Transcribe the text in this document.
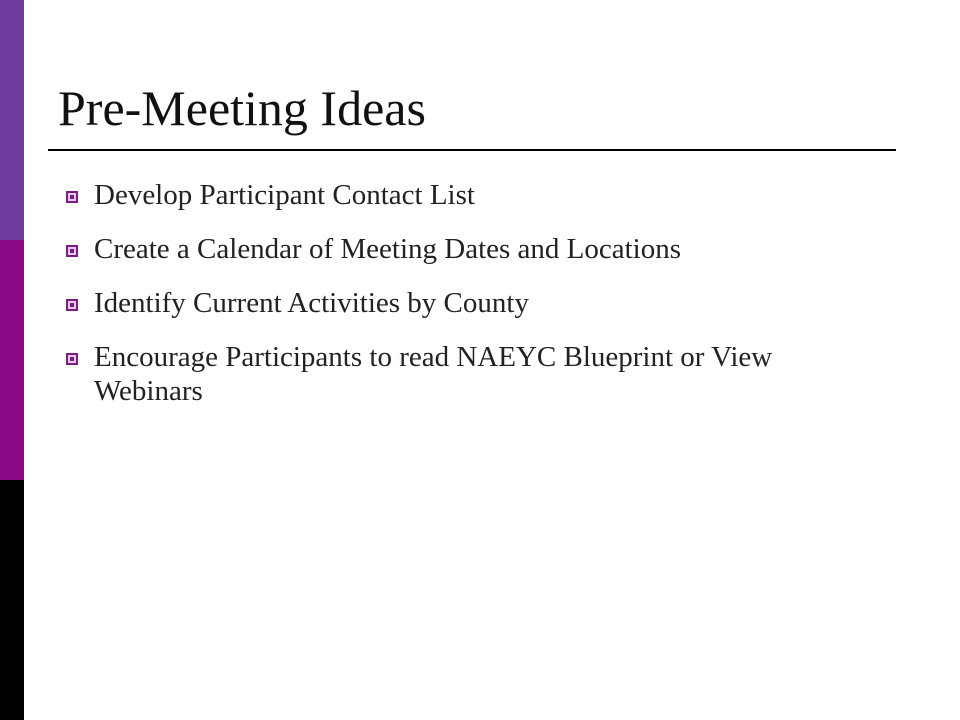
Pre-Meeting Ideas
Develop Participant Contact List
Create a Calendar of Meeting Dates and Locations
Identify Current Activities by County
Encourage Participants to read NAEYC Blueprint or View Webinars
